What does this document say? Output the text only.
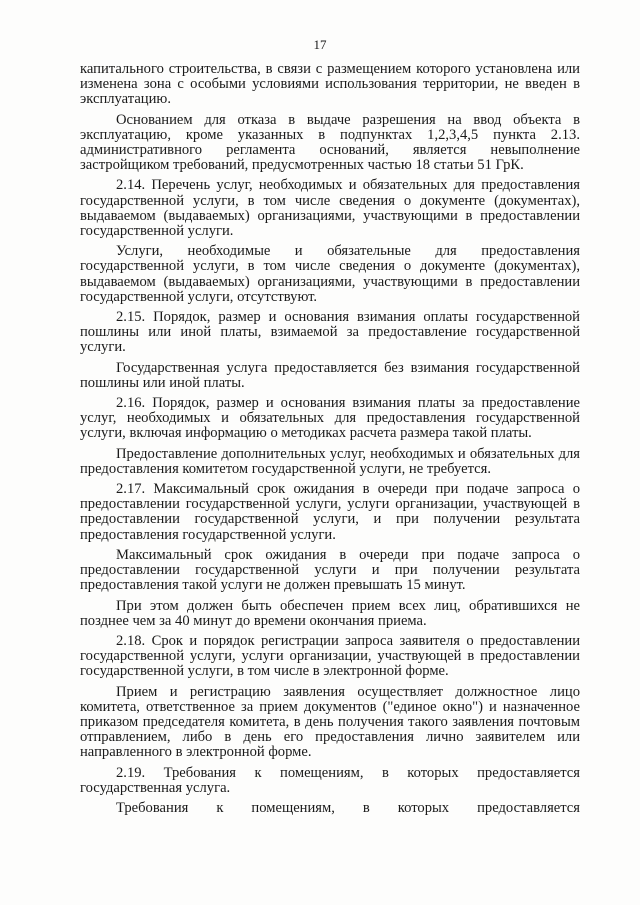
17

капитального строительства, в связи с размещением которого установлена или изменена зона с особыми условиями использования территории, не введен в эксплуатацию.

Основанием для отказа в выдаче разрешения на ввод объекта в эксплуатацию, кроме указанных в подпунктах 1,2,3,4,5 пункта 2.13. административного регламента оснований, является невыполнение застройщиком требований, предусмотренных частью 18 статьи 51 ГрК.

2.14. Перечень услуг, необходимых и обязательных для предоставления государственной услуги, в том числе сведения о документе (документах), выдаваемом (выдаваемых) организациями, участвующими в предоставлении государственной услуги.

Услуги, необходимые и обязательные для предоставления государственной услуги, в том числе сведения о документе (документах), выдаваемом (выдаваемых) организациями, участвующими в предоставлении государственной услуги, отсутствуют.

2.15. Порядок, размер и основания взимания оплаты государственной пошлины или иной платы, взимаемой за предоставление государственной услуги.

Государственная услуга предоставляется без взимания государственной пошлины или иной платы.

2.16. Порядок, размер и основания взимания платы за предоставление услуг, необходимых и обязательных для предоставления государственной услуги, включая информацию о методиках расчета размера такой платы.

Предоставление дополнительных услуг, необходимых и обязательных для предоставления комитетом государственной услуги, не требуется.

2.17. Максимальный срок ожидания в очереди при подаче запроса о предоставлении государственной услуги, услуги организации, участвующей в предоставлении государственной услуги, и при получении результата предоставления государственной услуги.

Максимальный срок ожидания в очереди при подаче запроса о предоставлении государственной услуги и при получении результата предоставления такой услуги не должен превышать 15 минут.

При этом должен быть обеспечен прием всех лиц, обратившихся не позднее чем за 40 минут до времени окончания приема.

2.18. Срок и порядок регистрации запроса заявителя о предоставлении государственной услуги, услуги организации, участвующей в предоставлении государственной услуги, в том числе в электронной форме.

Прием и регистрацию заявления осуществляет должностное лицо комитета, ответственное за прием документов ("единое окно") и назначенное приказом председателя комитета, в день получения такого заявления почтовым отправлением, либо в день его предоставления лично заявителем или направленного в электронной форме.

2.19. Требования к помещениям, в которых предоставляется государственная услуга.

Требования к помещениям, в которых предоставляется
